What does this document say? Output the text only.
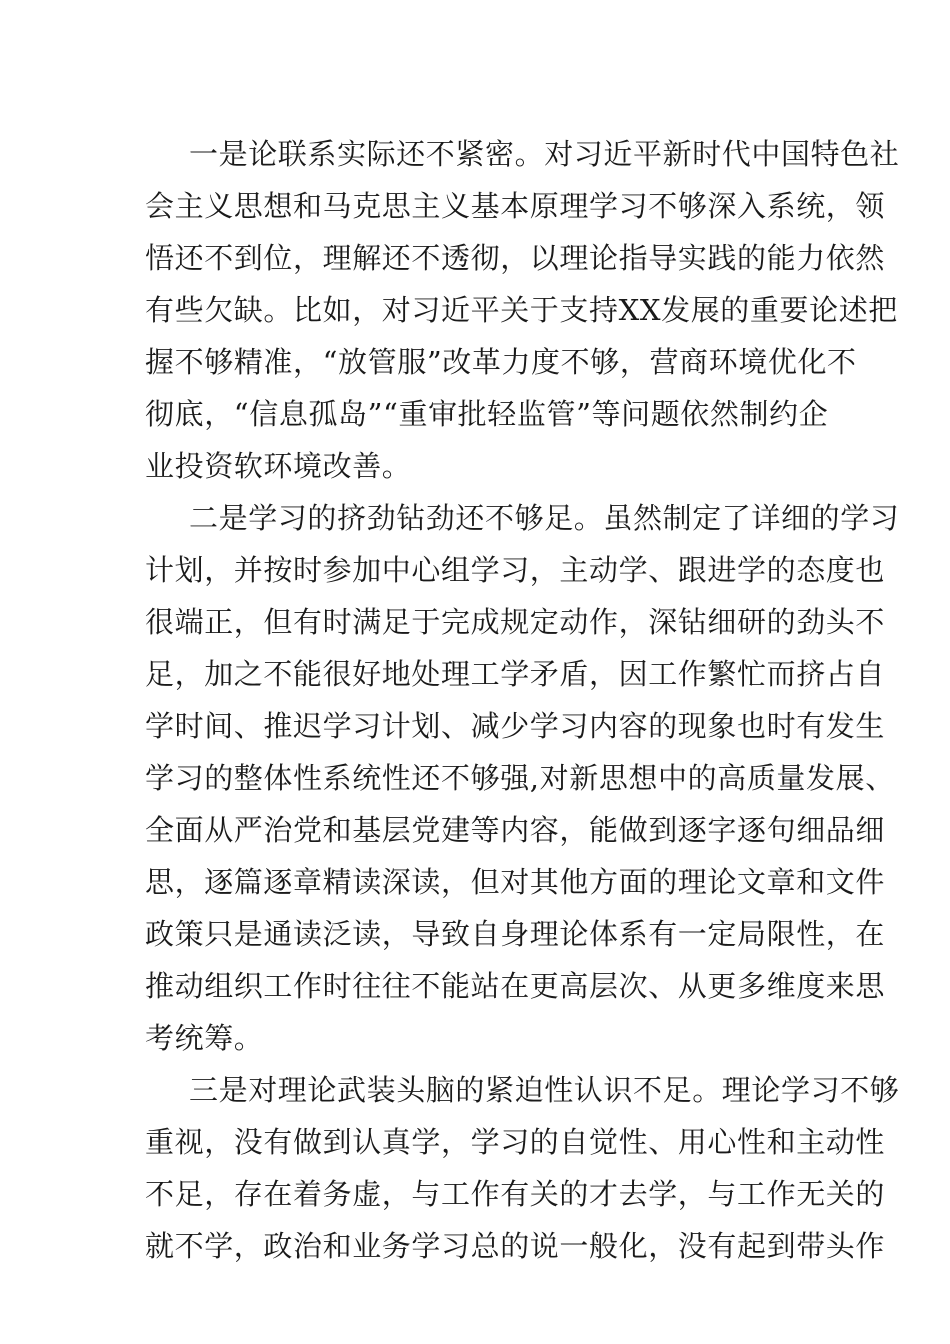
一是论联系实际还不紧密。对习近平新时代中国特色社
会主义思想和马克思主义基本原理学习不够深入系统，领
悟还不到位，理解还不透彻，以理论指导实践的能力依然
有些欠缺。比如，对习近平关于支持XX发展的重要论述把
握不够精准，“放管服”改革力度不够，营商环境优化不
彻底，“信息孤岛”“重审批轻监管”等问题依然制约企
业投资软环境改善。
二是学习的挤劲钻劲还不够足。虽然制定了详细的学习
计划，并按时参加中心组学习，主动学、跟进学的态度也
很端正，但有时满足于完成规定动作，深钻细研的劲头不
足，加之不能很好地处理工学矛盾，因工作繁忙而挤占自
学时间、推迟学习计划、减少学习内容的现象也时有发生
学习的整体性系统性还不够强,对新思想中的高质量发展、
全面从严治党和基层党建等内容，能做到逐字逐句细品细
思，逐篇逐章精读深读，但对其他方面的理论文章和文件
政策只是通读泛读，导致自身理论体系有一定局限性，在
推动组织工作时往往不能站在更高层次、从更多维度来思
考统筹。
三是对理论武装头脑的紧迫性认识不足。理论学习不够
重视，没有做到认真学，学习的自觉性、用心性和主动性
不足，存在着务虚，与工作有关的才去学，与工作无关的
就不学，政治和业务学习总的说一般化，没有起到带头作
